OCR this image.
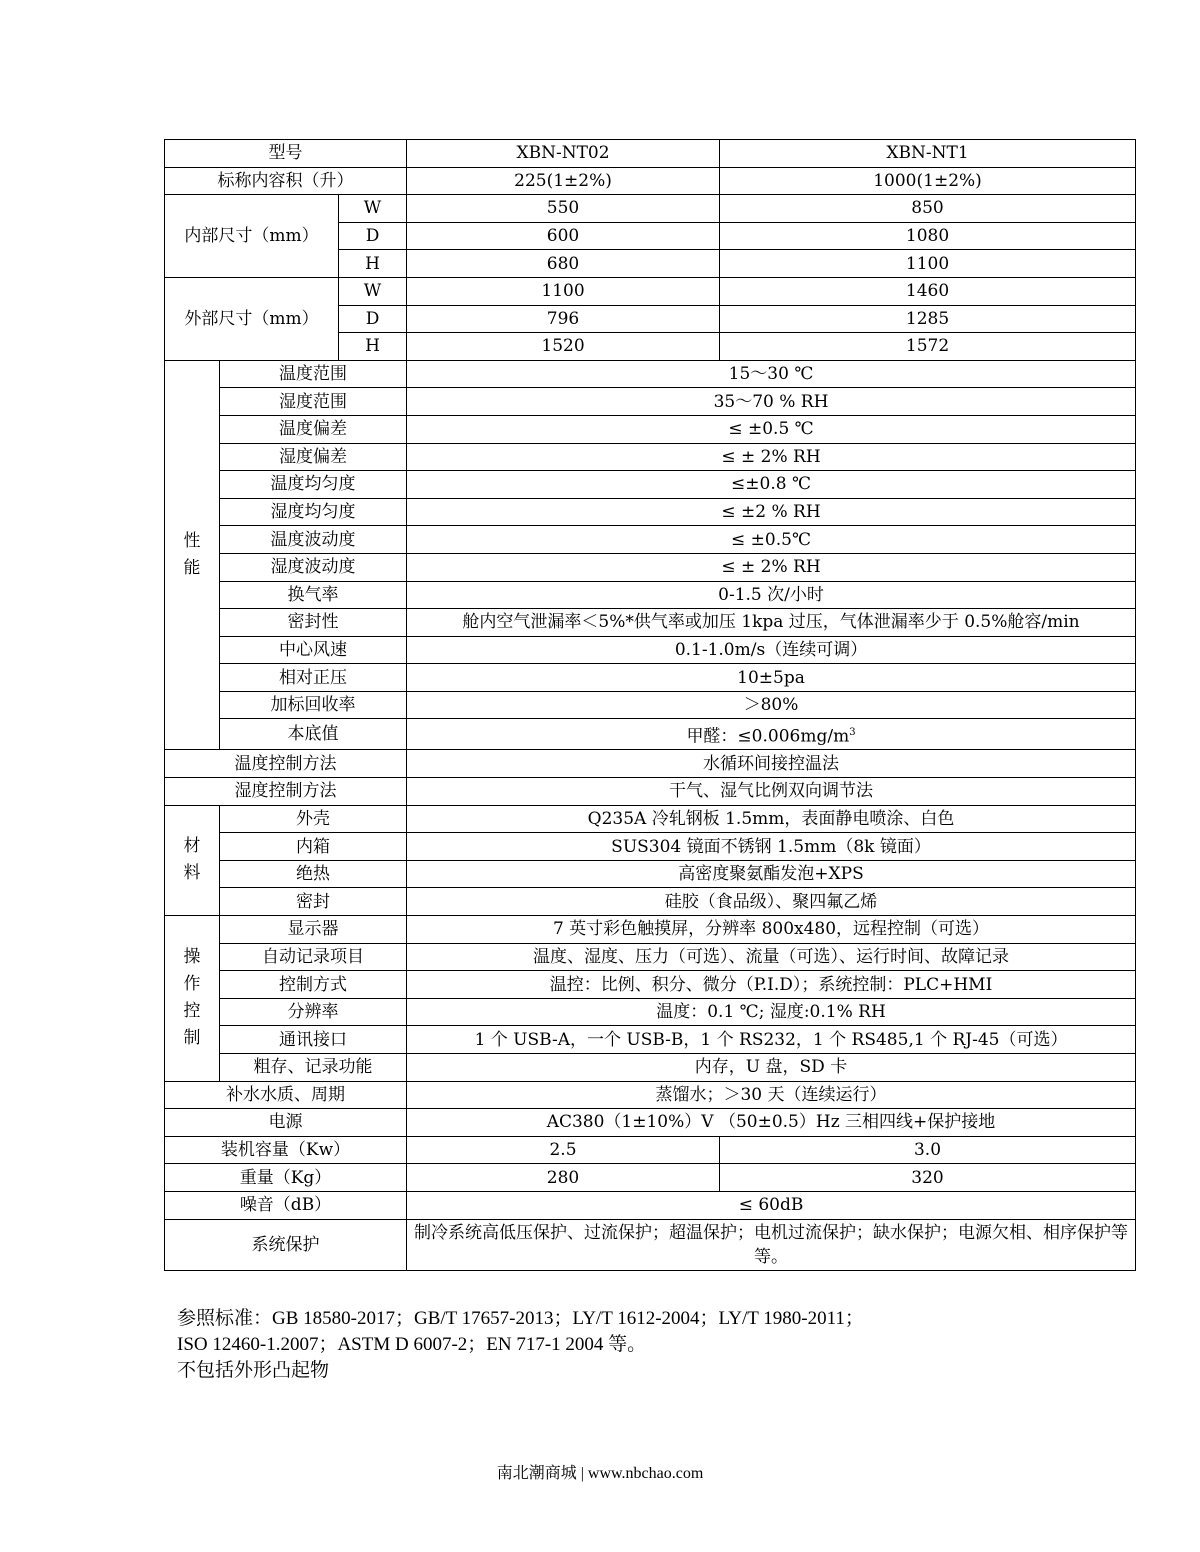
型号			XBN-NT02	XBN-NT1
标称内容积（升）			225(1±2%)	1000(1±2%)
内部尺寸（mm）		W	550	850
		D	600	1080
		H	680	1100
外部尺寸（mm）		W	1100	1460
		D	796	1285
		H	1520	1572
性能	温度范围		15～30 ℃	
	湿度范围		35～70 % RH	
	温度偏差		≤ ±0.5 ℃	
	湿度偏差		≤ ± 2% RH	
	温度均匀度		≤±0.8 ℃	
	湿度均匀度		≤ ±2 % RH	
	温度波动度		≤ ±0.5℃	
	湿度波动度		≤ ± 2% RH	
	换气率		0-1.5 次/小时	
	密封性		舱内空气泄漏率＜5%*供气率或加压 1kpa 过压，气体泄漏率少于 0.5%舱容/min	
	中心风速		0.1-1.0m/s（连续可调）	
	相对正压		10±5pa	
	加标回收率		＞80%	
	本底值		甲醛：$\le 0.006mg/m^3$
温度控制方法			水循环间接控温法	
湿度控制方法			干气、湿气比例双向调节法	
材料	外壳		Q235A 冷轧钢板 1.5mm，表面静电喷涂、白色	
	内箱		SUS304 镜面不锈钢 1.5mm（8k 镜面）	
	绝热		高密度聚氨酯发泡+XPS	
	密封		硅胶（食品级）、聚四氟乙烯	
操作控制	显示器		7 英寸彩色触摸屏，分辨率 800x480，远程控制（可选）	
	自动记录项目		温度、湿度、压力（可选）、流量（可选）、运行时间、故障记录	
	控制方式		温控：比例、积分、微分（P.I.D）；系统控制：PLC+HMI	
	分辨率		温度：0.1 ℃; 湿度:0.1% RH	
	通讯接口		1 个 USB-A，一个 USB-B，1 个 RS232，1 个 RS485,1 个 RJ-45（可选）	
	粗存、记录功能		内存，U 盘，SD 卡	
补水水质、周期			蒸馏水；＞30 天（连续运行）	
电源			AC380（1±10%）V （50±0.5）Hz 三相四线+保护接地	
装机容量（Kw）			2.5	3.0
重量（Kg）			280	320
噪音（dB）			≤ 60dB	
系统保护			制冷系统高低压保护、过流保护；超温保护；电机过流保护；缺水保护；电源欠相、相序保护等等。	
参照标准：GB 18580-2017；GB/T 17657-2013；LY/T 1612-2004；LY/T 1980-2011；
ISO 12460-1.2007；ASTM D 6007-2；EN 717-1 2004 等。
不包括外形凸起物
南北潮商城 | www.nbchao.com
